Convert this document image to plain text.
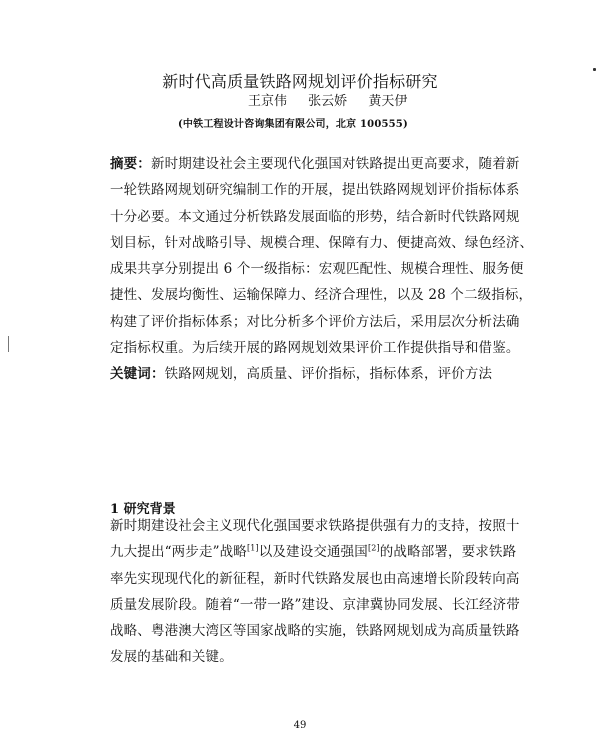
新时代高质量铁路网规划评价指标研究
王京伟 张云娇 黄天伊
(中铁工程设计咨询集团有限公司，北京 100555)
摘要：新时期建设社会主要现代化强国对铁路提出更高要求，随着新
一轮铁路网规划研究编制工作的开展，提出铁路网规划评价指标体系
十分必要。本文通过分析铁路发展面临的形势，结合新时代铁路网规
划目标，针对战略引导、规模合理、保障有力、便捷高效、绿色经济、
成果共享分别提出 6 个一级指标：宏观匹配性、规模合理性、服务便
捷性、发展均衡性、运输保障力、经济合理性，以及 28 个二级指标，
构建了评价指标体系；对比分析多个评价方法后，采用层次分析法确
定指标权重。为后续开展的路网规划效果评价工作提供指导和借鉴。
关键词：铁路网规划，高质量、评价指标，指标体系，评价方法
1 研究背景
新时期建设社会主义现代化强国要求铁路提供强有力的支持，按照十
九大提出“两步走”战略[1]以及建设交通强国[2]的战略部署，要求铁路
率先实现现代化的新征程，新时代铁路发展也由高速增长阶段转向高
质量发展阶段。随着“一带一路”建设、京津冀协同发展、长江经济带
战略、粤港澳大湾区等国家战略的实施，铁路网规划成为高质量铁路
发展的基础和关键。
49
